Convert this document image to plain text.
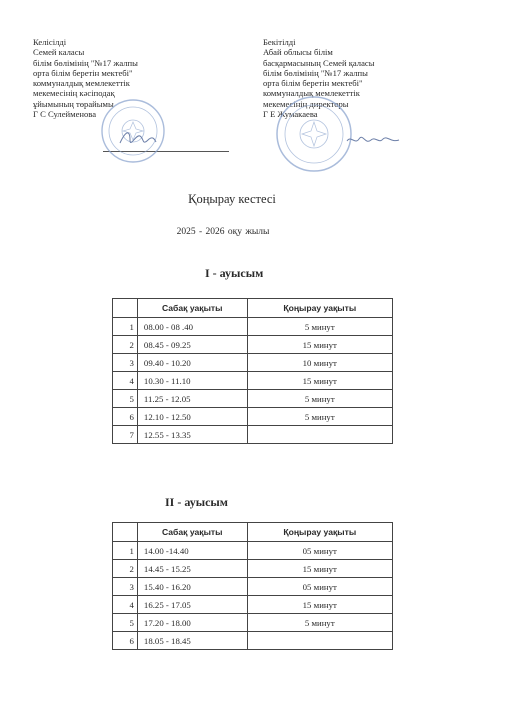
Келісілді
Семей каласы
білім бөлімінің "№17 жалпы
орта білім беретін мектебі"
коммуналдық мемлекеттік
мекемесінің кәсіподақ
ұйымының төрайымы
Г С Сулейменова
Бекітілді
Абай облысы білім
басқармасының Семей қаласы
білім бөлімінің "№17 жалпы
орта білім беретін мектебі"
коммуналдық мемлекеттік
мекемесінің директоры
Г Е Жумакаева
Қоңырау кестесі
2025 - 2026 оқу жылы
I - ауысым
	Сабақ уақыты	Қоңырау уақыты
1	08.00 - 08 .40	5 минут
2	08.45 - 09.25	15 минут
3	09.40 - 10.20	10 минут
4	10.30 - 11.10	15 минут
5	11.25 - 12.05	5 минут
6	12.10 - 12.50	5 минут
7	12.55 - 13.35	
II - ауысым
	Сабақ уақыты	Қоңырау уақыты
1	14.00 -14.40	05 минут
2	14.45 - 15.25	15 минут
3	15.40 - 16.20	05 минут
4	16.25 - 17.05	15 минут
5	17.20 - 18.00	5 минут
6	18.05 - 18.45	
